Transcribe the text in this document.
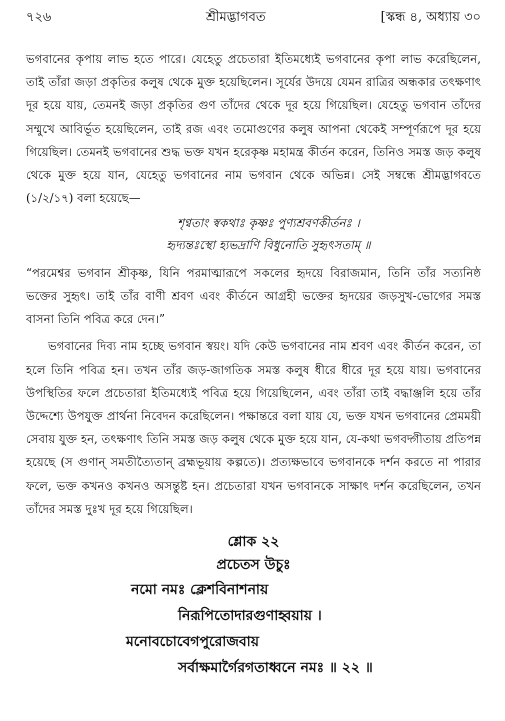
৭২৬	শ্রীমদ্ভাগবত	[স্কন্ধ ৪, অধ্যায় ৩০

ভগবানের কৃপায় লাভ হতে পারে। যেহেতু প্রচেতারা ইতিমধ্যেই ভগবানের কৃপা লাভ করেছিলেন, তাই তাঁরা জড়া প্রকৃতির কলুষ থেকে মুক্ত হয়েছিলেন। সূর্যের উদয়ে যেমন রাত্রির অন্ধকার তৎক্ষণাৎ দূর হয়ে যায়, তেমনই জড়া প্রকৃতির গুণ তাঁদের থেকে দূর হয়ে গিয়েছিল। যেহেতু ভগবান তাঁদের সম্মুখে আবির্ভূত হয়েছিলেন, তাই রজ এবং তমোগুণের কলুষ আপনা থেকেই সম্পূর্ণরূপে দূর হয়ে গিয়েছিল। তেমনই ভগবানের শুদ্ধ ভক্ত যখন হরেকৃষ্ণ মহামন্ত্র কীর্তন করেন, তিনিও সমস্ত জড় কলুষ থেকে মুক্ত হয়ে যান, যেহেতু ভগবানের নাম ভগবান থেকে অভিন্ন। সেই সম্বন্ধে শ্রীমদ্ভাগবতে (১/২/১৭) বলা হয়েছে—

শৃণ্বতাং স্বকথাঃ কৃষ্ণঃ পুণ্যশ্রবণকীর্তনঃ ।
হৃদ্যন্তঃস্থো হ্যভদ্রাণি বিধুনোতি সুহৃৎসতাম্ ॥

“পরমেশ্বর ভগবান শ্রীকৃষ্ণ, যিনি পরমাত্মারূপে সকলের হৃদয়ে বিরাজমান, তিনি তাঁর সত্যনিষ্ঠ ভক্তের সুহৃৎ। তাই তাঁর বাণী শ্রবণ এবং কীর্তনে আগ্রহী ভক্তের হৃদয়ের জড়সুখ-ভোগের সমস্ত বাসনা তিনি পবিত্র করে দেন।”

ভগবানের দিব্য নাম হচ্ছে ভগবান স্বয়ং। যদি কেউ ভগবানের নাম শ্রবণ এবং কীর্তন করেন, তা হলে তিনি পবিত্র হন। তখন তাঁর জড়-জাগতিক সমস্ত কলুষ ধীরে ধীরে দূর হয়ে যায়। ভগবানের উপস্থিতির ফলে প্রচেতারা ইতিমধ্যেই পবিত্র হয়ে গিয়েছিলেন, এবং তাঁরা তাই বদ্ধাঞ্জলি হয়ে তাঁর উদ্দেশ্যে উপযুক্ত প্রার্থনা নিবেদন করেছিলেন। পক্ষান্তরে বলা যায় যে, ভক্ত যখন ভগবানের প্রেমময়ী সেবায় যুক্ত হন, তৎক্ষণাৎ তিনি সমস্ত জড় কলুষ থেকে মুক্ত হয়ে যান, যে-কথা ভগবদ্গীতায় প্রতিপন্ন হয়েছে (স গুণান্ সমতীত্যৈতান্ ব্রহ্মভূয়ায় কল্পতে)। প্রত্যক্ষভাবে ভগবানকে দর্শন করতে না পারার ফলে, ভক্ত কখনও কখনও অসন্তুষ্ট হন। প্রচেতারা যখন ভগবানকে সাক্ষাৎ দর্শন করেছিলেন, তখন তাঁদের সমস্ত দুঃখ দূর হয়ে গিয়েছিল।

শ্লোক ২২
প্রচেতস উচুঃ
নমো নমঃ ক্লেশবিনাশনায়
নিরূপিতোদারগুণাহ্বয়ায় ।
মনোবচোবেগপুরোজবায়
সর্বাক্ষমার্গৈরগতাধ্বনে নমঃ ॥ ২২ ॥
